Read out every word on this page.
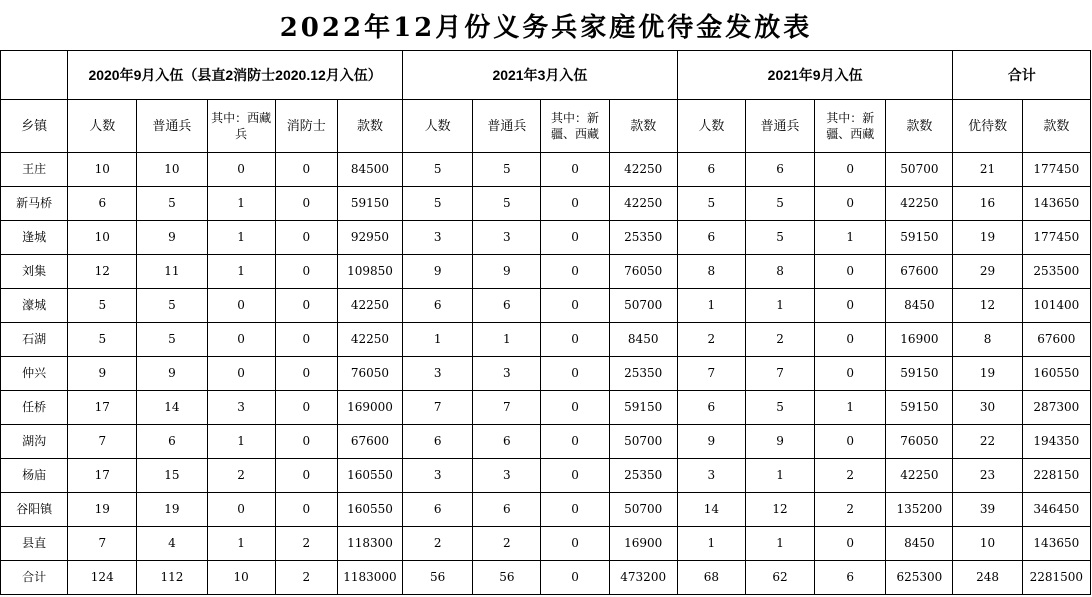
2022年12月份义务兵家庭优待金发放表
	2020年9月入伍（县直2消防士2020.12月入伍）					2021年3月入伍				2021年9月入伍				合计	
乡镇	人数	普通兵	其中：西藏兵	消防士	款数	人数	普通兵	其中：新疆、西藏	款数	人数	普通兵	其中：新疆、西藏	款数	优待数	款数
王庄	10	10	0	0	84500	5	5	0	42250	6	6	0	50700	21	177450
新马桥	6	5	1	0	59150	5	5	0	42250	5	5	0	42250	16	143650
逢城	10	9	1	0	92950	3	3	0	25350	6	5	1	59150	19	177450
刘集	12	11	1	0	109850	9	9	0	76050	8	8	0	67600	29	253500
濠城	5	5	0	0	42250	6	6	0	50700	1	1	0	8450	12	101400
石湖	5	5	0	0	42250	1	1	0	8450	2	2	0	16900	8	67600
仲兴	9	9	0	0	76050	3	3	0	25350	7	7	0	59150	19	160550
任桥	17	14	3	0	169000	7	7	0	59150	6	5	1	59150	30	287300
湖沟	7	6	1	0	67600	6	6	0	50700	9	9	0	76050	22	194350
杨庙	17	15	2	0	160550	3	3	0	25350	3	1	2	42250	23	228150
谷阳镇	19	19	0	0	160550	6	6	0	50700	14	12	2	135200	39	346450
县直	7	4	1	2	118300	2	2	0	16900	1	1	0	8450	10	143650
合计	124	112	10	2	1183000	56	56	0	473200	68	62	6	625300	248	2281500
